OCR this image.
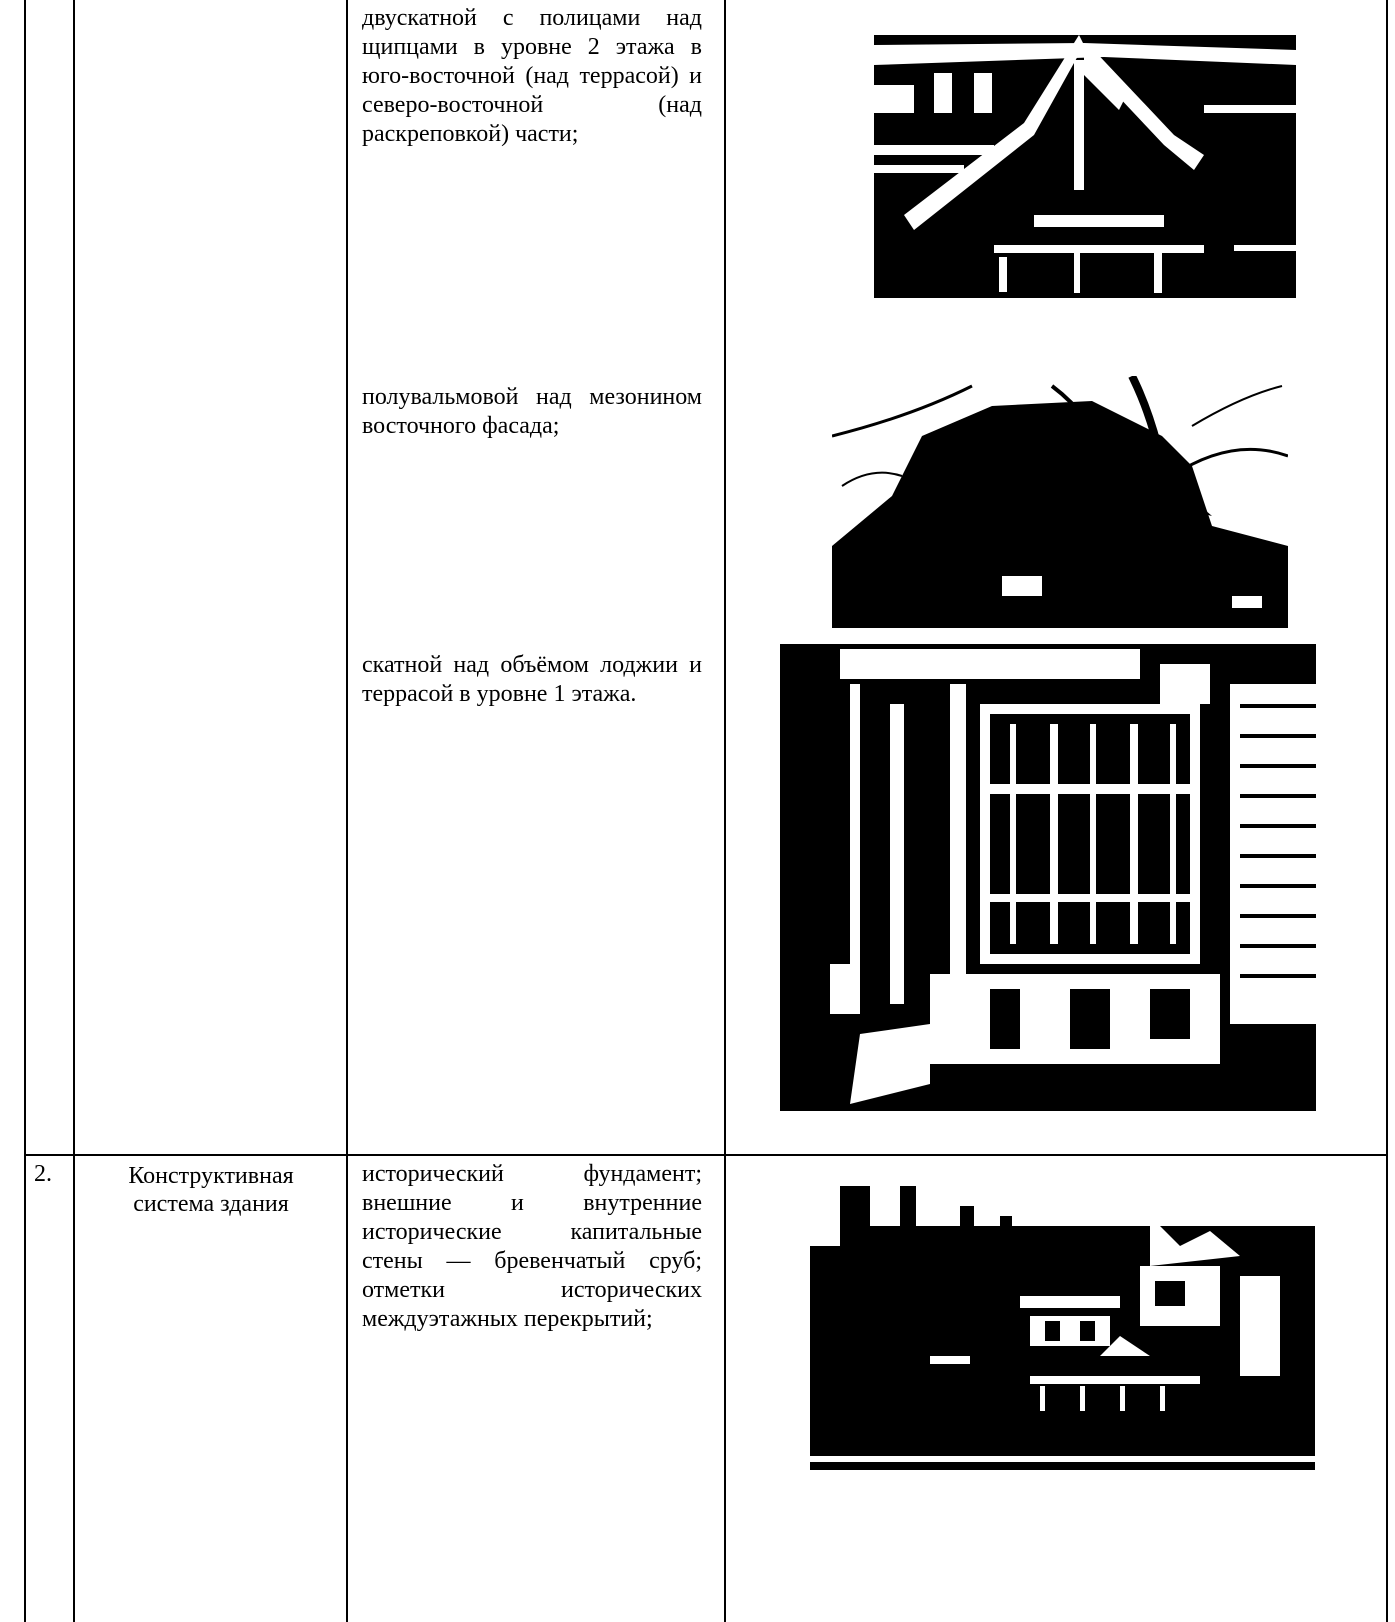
двускатной с полицами над щипцами в уровне 2 этажа в юго-восточной (над террасой) и северо-восточной (над раскреповкой) части;
полувальмовой над мезонином восточного фасада;
скатной над объёмом лоджии и террасой в уровне 1 этажа.
2.	Конструктивная система здания
исторический фундамент; внешние и внутренние исторические капитальные стены — бревенчатый сруб; отметки исторических междуэтажных перекрытий;
